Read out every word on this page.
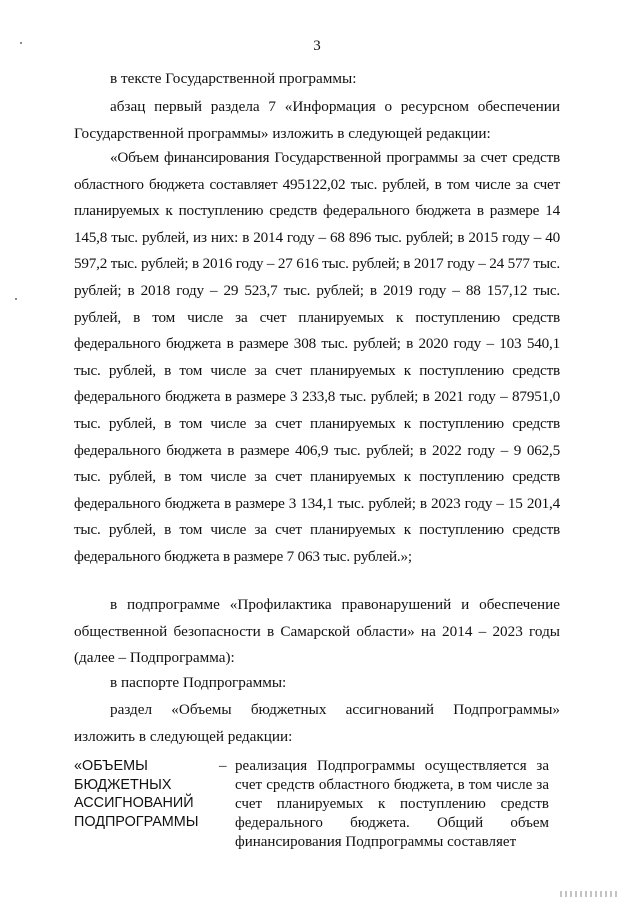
3

в тексте Государственной программы:

абзац первый раздела 7 «Информация о ресурсном обеспечении Государственной программы» изложить в следующей редакции:

«Объем финансирования Государственной программы за счет средств областного бюджета составляет 495122,02 тыс. рублей, в том числе за счет планируемых к поступлению средств федерального бюджета в размере 14 145,8 тыс. рублей, из них: в 2014 году – 68 896 тыс. рублей; в 2015 году – 40 597,2 тыс. рублей; в 2016 году – 27 616 тыс. рублей; в 2017 году – 24 577 тыс. рублей; в 2018 году – 29 523,7 тыс. рублей; в 2019 году – 88 157,12 тыс. рублей, в том числе за счет планируемых к поступлению средств федерального бюджета в размере 308 тыс. рублей; в 2020 году – 103 540,1 тыс. рублей, в том числе за счет планируемых к поступлению средств федерального бюджета в размере 3 233,8 тыс. рублей; в 2021 году – 87951,0 тыс. рублей, в том числе за счет планируемых к поступлению средств федерального бюджета в размере 406,9 тыс. рублей; в 2022 году – 9 062,5 тыс. рублей, в том числе за счет планируемых к поступлению средств федерального бюджета в размере 3 134,1 тыс. рублей; в 2023 году – 15 201,4 тыс. рублей, в том числе за счет планируемых к поступлению средств федерального бюджета в размере 7 063 тыс. рублей.»;

в подпрограмме «Профилактика правонарушений и обеспечение общественной безопасности в Самарской области» на 2014 – 2023 годы (далее – Подпрограмма):

в паспорте Подпрограммы:

раздел «Объемы бюджетных ассигнований Подпрограммы» изложить в следующей редакции:

«ОБЪЕМЫ БЮДЖЕТНЫХ АССИГНОВАНИЙ ПОДПРОГРАММЫ

– реализация Подпрограммы осуществляется за счет средств областного бюджета, в том числе за счет планируемых к поступлению средств федерального бюджета. Общий объем финансирования Подпрограммы составляет
